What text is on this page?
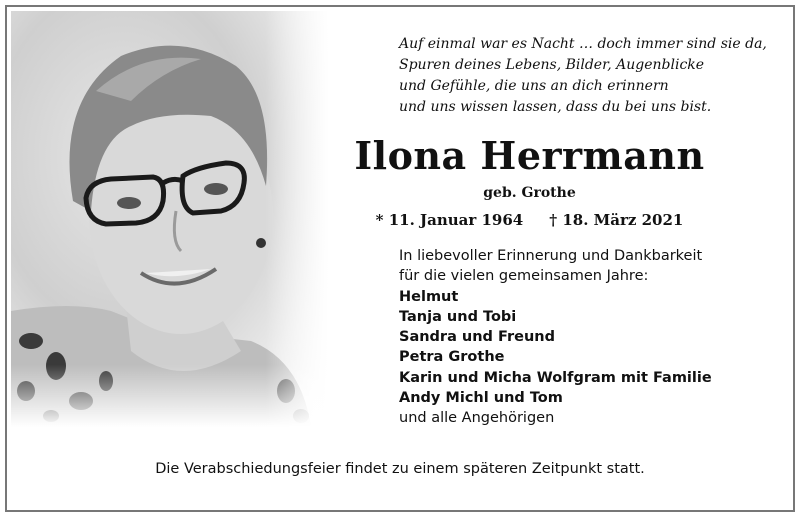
Auf einmal war es Nacht … doch immer sind sie da,
Spuren deines Lebens, Bilder, Augenblicke
und Gefühle, die uns an dich erinnern
und uns wissen lassen, dass du bei uns bist.
Ilona Herrmann
geb. Grothe
* 11. Januar 1964 † 18. März 2021
In liebevoller Erinnerung und Dankbarkeit
für die vielen gemeinsamen Jahre:
Helmut
Tanja und Tobi
Sandra und Freund
Petra Grothe
Karin und Micha Wolfgram mit Familie
Andy Michl und Tom
und alle Angehörigen
Die Verabschiedungsfeier findet zu einem späteren Zeitpunkt statt.
